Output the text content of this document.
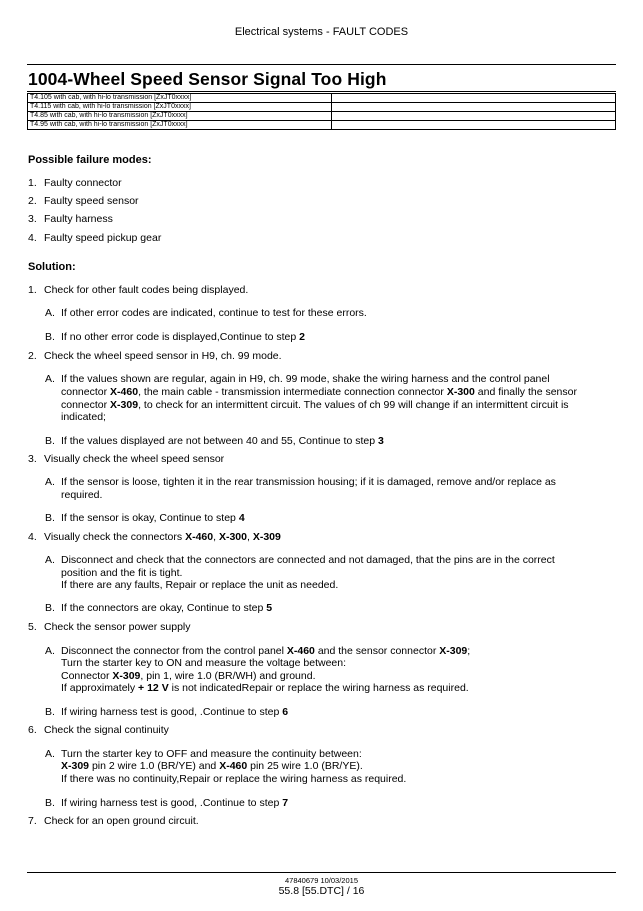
Electrical systems - FAULT CODES
1004-Wheel Speed Sensor Signal Too High
T4.105 with cab, with hi-lo transmission [ZxJT0xxxx]	
T4.115 with cab, with hi-lo transmission [ZxJT0xxxx]	
T4.85 with cab, with hi-lo transmission [ZxJT0xxxx]	
T4.95 with cab, with hi-lo transmission [ZxJT0xxxx]	
Possible failure modes:
1. Faulty connector
2. Faulty speed sensor
3. Faulty harness
4. Faulty speed pickup gear
Solution:
1. Check for other fault codes being displayed.
A. If other error codes are indicated, continue to test for these errors.
B. If no other error code is displayed,Continue to step 2
2. Check the wheel speed sensor in H9, ch. 99 mode.
A. If the values shown are regular, again in H9, ch. 99 mode, shake the wiring harness and the control panel
connector X-460, the main cable - transmission intermediate connection connector X-300 and finally the sensor
connector X-309, to check for an intermittent circuit. The values of ch 99 will change if an intermittent circuit is
indicated;
B. If the values displayed are not between 40 and 55, Continue to step 3
3. Visually check the wheel speed sensor
A. If the sensor is loose, tighten it in the rear transmission housing; if it is damaged, remove and/or replace as
required.
B. If the sensor is okay, Continue to step 4
4. Visually check the connectors X-460, X-300, X-309
A. Disconnect and check that the connectors are connected and not damaged, that the pins are in the correct
position and the fit is tight.
If there are any faults, Repair or replace the unit as needed.
B. If the connectors are okay, Continue to step 5
5. Check the sensor power supply
A. Disconnect the connector from the control panel X-460 and the sensor connector X-309;
Turn the starter key to ON and measure the voltage between:
Connector X-309, pin 1, wire 1.0 (BR/WH) and ground.
If approximately + 12 V is not indicatedRepair or replace the wiring harness as required.
B. If wiring harness test is good, .Continue to step 6
6. Check the signal continuity
A. Turn the starter key to OFF and measure the continuity between:
X-309 pin 2 wire 1.0 (BR/YE) and X-460 pin 25 wire 1.0 (BR/YE).
If there was no continuity,Repair or replace the wiring harness as required.
B. If wiring harness test is good, .Continue to step 7
7. Check for an open ground circuit.
47840679 10/03/2015
55.8 [55.DTC] / 16
